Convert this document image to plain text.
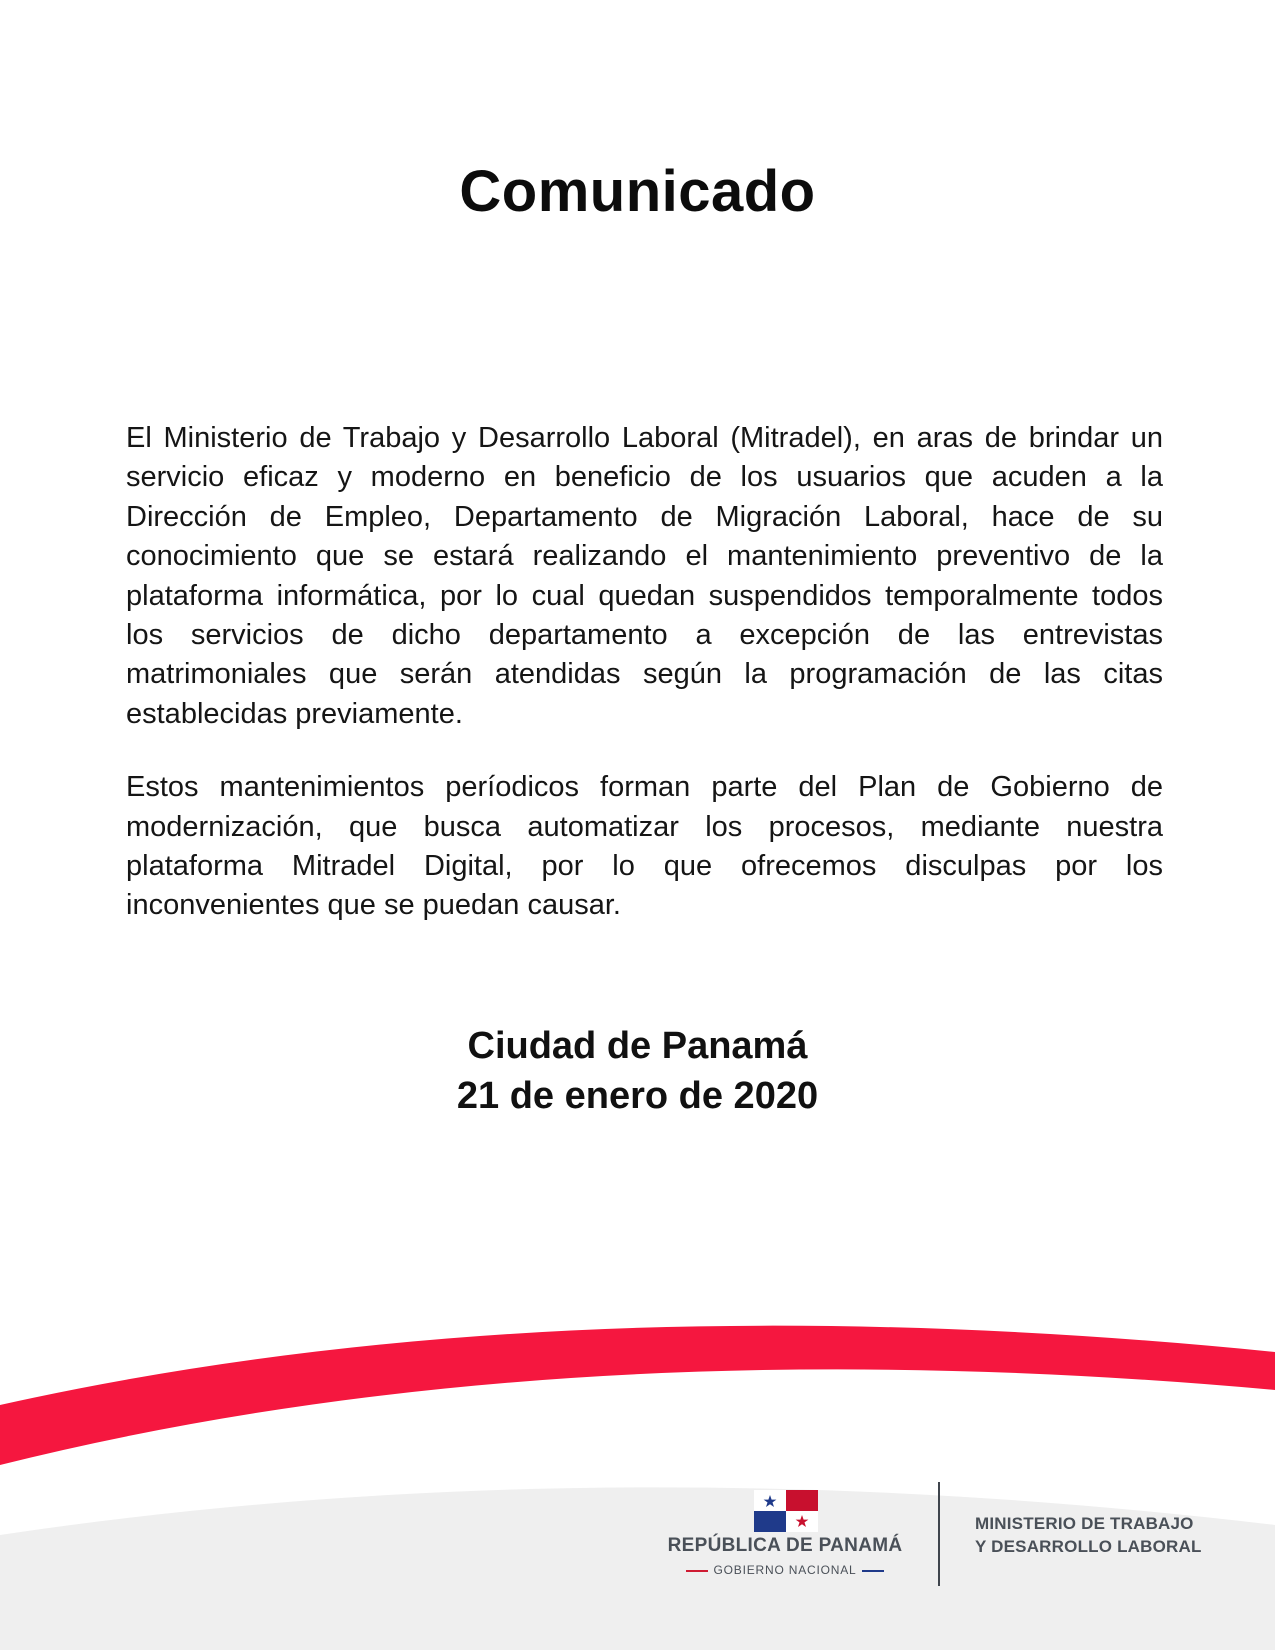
Comunicado

El Ministerio de Trabajo y Desarrollo Laboral (Mitradel), en aras de brindar un servicio eficaz y moderno en beneficio de los usuarios que acuden a la Dirección de Empleo, Departamento de Migración Laboral, hace de su conocimiento que se estará realizando el mantenimiento preventivo de la plataforma informática, por lo cual quedan suspendidos temporalmente todos los servicios de dicho departamento a excepción de las entrevistas matrimoniales que serán atendidas según la programación de las citas establecidas previamente.

Estos mantenimientos períodicos forman parte del Plan de Gobierno de modernización, que busca automatizar los procesos, mediante nuestra plataforma Mitradel Digital, por lo que ofrecemos disculpas por los inconvenientes que se puedan causar.

Ciudad de Panamá
21 de enero de 2020
REPÚBLICA DE PANAMÁ
GOBIERNO NACIONAL
MINISTERIO DE TRABAJO
Y DESARROLLO LABORAL
